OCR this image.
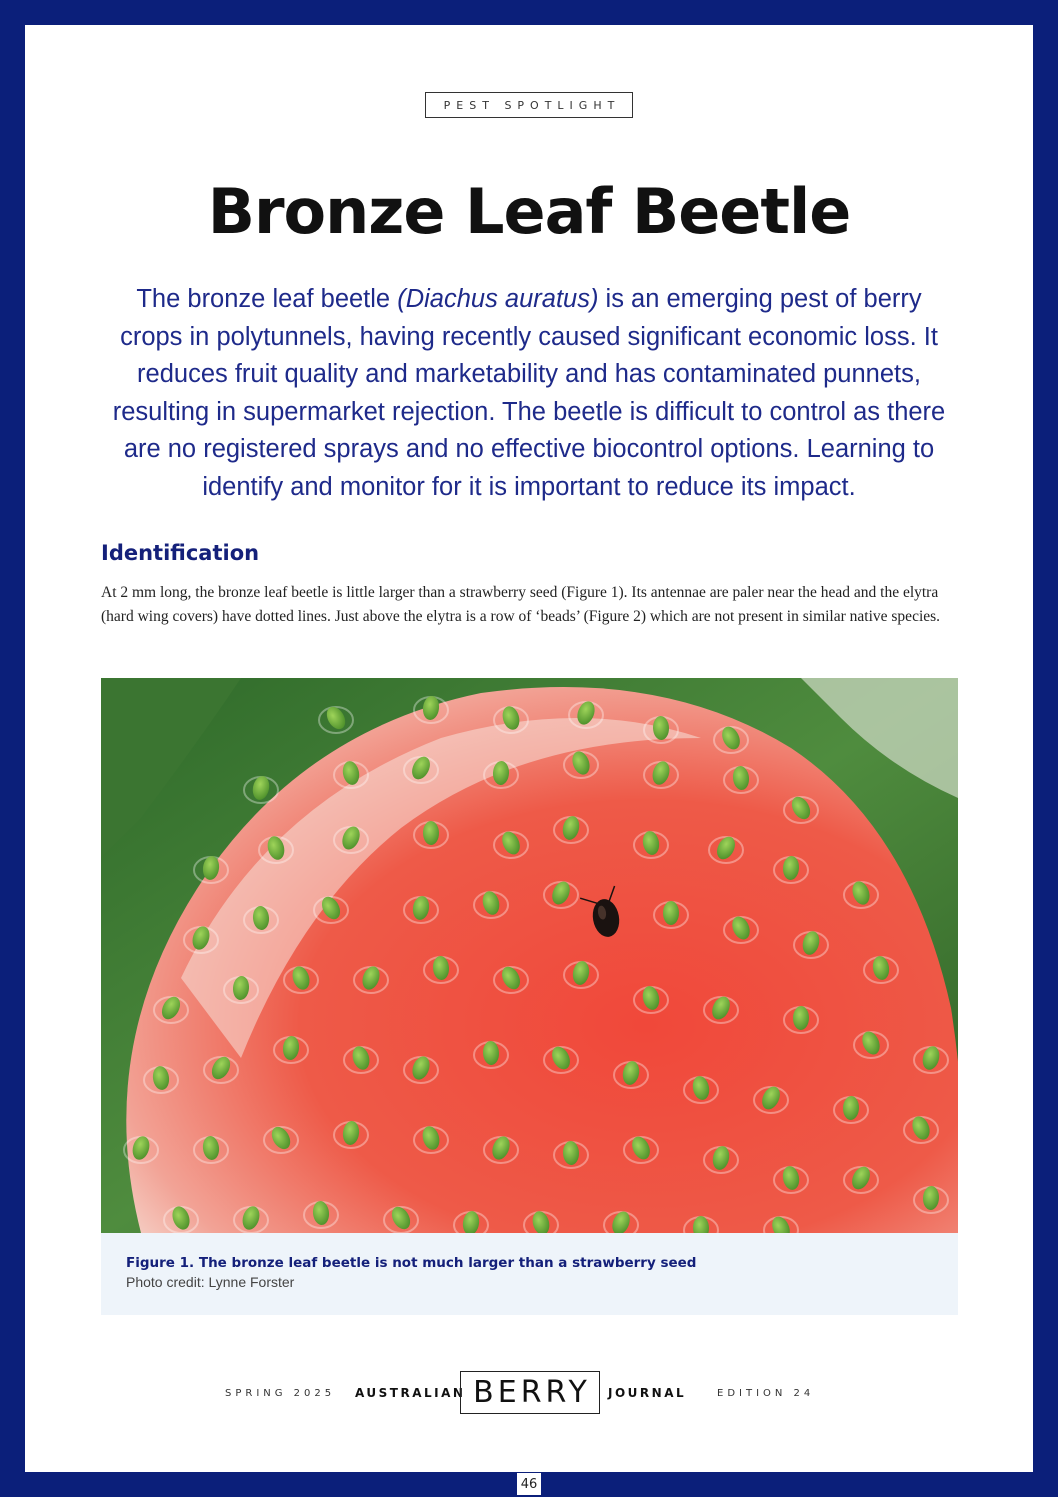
PEST SPOTLIGHT
Bronze Leaf Beetle

The bronze leaf beetle (Diachus auratus) is an emerging pest of berry crops in polytunnels, having recently caused significant economic loss. It reduces fruit quality and marketability and has contaminated punnets, resulting in supermarket rejection. The beetle is difficult to control as there are no registered sprays and no effective biocontrol options. Learning to identify and monitor for it is important to reduce its impact.

Identification

At 2 mm long, the bronze leaf beetle is little larger than a strawberry seed (Figure 1). Its antennae are paler near the head and the elytra (hard wing covers) have dotted lines. Just above the elytra is a row of ‘beads’ (Figure 2) which are not present in similar native species.

Figure 1. The bronze leaf beetle is not much larger than a strawberry seed

Photo credit: Lynne Forster

SPRING 2025 AUSTRALIAN BERRY	JOURNAL	EDITION 24
46
